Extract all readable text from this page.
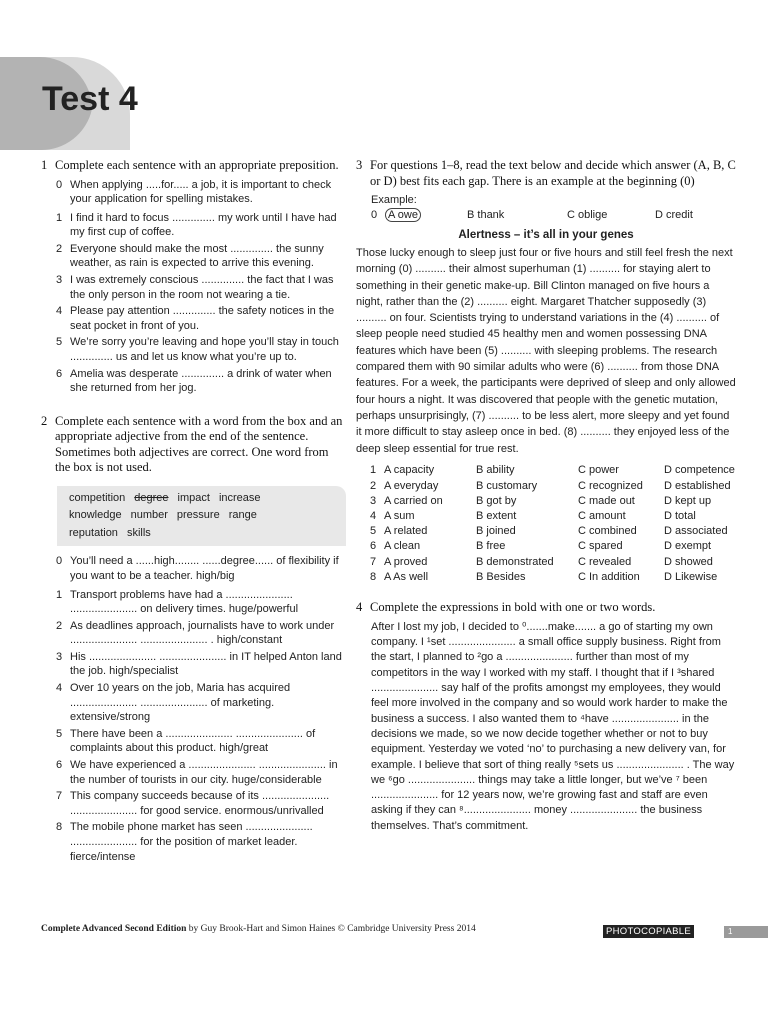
Test 4
1 Complete each sentence with an appropriate preposition.
0 When applying .....for..... a job, it is important to check your application for spelling mistakes.
1 I find it hard to focus .............. my work until I have had my first cup of coffee.
2 Everyone should make the most .............. the sunny weather, as rain is expected to arrive this evening.
3 I was extremely conscious .............. the fact that I was the only person in the room not wearing a tie.
4 Please pay attention .............. the safety notices in the seat pocket in front of you.
5 We’re sorry you’re leaving and hope you’ll stay in touch .............. us and let us know what you’re up to.
6 Amelia was desperate .............. a drink of water when she returned from her jog.
2 Complete each sentence with a word from the box and an appropriate adjective from the end of the sentence. Sometimes both adjectives are correct. One word from the box is not used.
competition degree impact increase
knowledge number pressure range
reputation skills
0 You’ll need a ......high........ ......degree...... of flexibility if you want to be a teacher. high/big
1 Transport problems have had a ...................... ...................... on delivery times. huge/powerful
2 As deadlines approach, journalists have to work under ...................... ...................... . high/constant
3 His ...................... ...................... in IT helped Anton land the job. high/specialist
4 Over 10 years on the job, Maria has acquired ...................... ...................... of marketing. extensive/strong
5 There have been a ...................... ...................... of complaints about this product. high/great
6 We have experienced a ...................... ...................... in the number of tourists in our city. huge/considerable
7 This company succeeds because of its ...................... ...................... for good service. enormous/unrivalled
8 The mobile phone market has seen ...................... ...................... for the position of market leader. fierce/intense
3 For questions 1–8, read the text below and decide which answer (A, B, C or D) best fits each gap. There is an example at the beginning (0)
Example:
0 A owe	B thank	C oblige	D credit
Alertness – it’s all in your genes
Those lucky enough to sleep just four or five hours and still feel fresh the next morning (0) .......... their almost superhuman (1) .......... for staying alert to something in their genetic make-up. Bill Clinton managed on five hours a night, rather than the (2) .......... eight. Margaret Thatcher supposedly (3) .......... on four. Scientists trying to understand variations in the (4) .......... of sleep people need studied 45 healthy men and women possessing DNA features which have been (5) .......... with sleeping problems. The research compared them with 90 similar adults who were (6) .......... from those DNA features. For a week, the participants were deprived of sleep and only allowed four hours a night. It was discovered that people with the genetic mutation, perhaps unsurprisingly, (7) .......... to be less alert, more sleepy and yet found it more difficult to stay asleep once in bed. (8) .......... they enjoyed less of the deep sleep essential for true rest.
1	A capacity	B ability	C power	D competence
2	A everyday	B customary	C recognized	D established
3	A carried on	B got by	C made out	D kept up
4	A sum	B extent	C amount	D total
5	A related	B joined	C combined	D associated
6	A clean	B free	C spared	D exempt
7	A proved	B demonstrated	C revealed	D showed
8	A As well	B Besides	C In addition	D Likewise
4 Complete the expressions in bold with one or two words.
After I lost my job, I decided to ⁰.......make....... a go of starting my own company. I ¹set ...................... a small office supply business. Right from the start, I planned to ²go a ...................... further than most of my competitors in the way I worked with my staff. I thought that if I ³shared ...................... say half of the profits amongst my employees, they would feel more involved in the company and so would work harder to make the business a success. I also wanted them to ⁴have ...................... in the decisions we made, so we now decide together whether or not to buy equipment. Yesterday we voted ‘no’ to purchasing a new delivery van, for example. I believe that sort of thing really ⁵sets us ...................... . The way we ⁶go ...................... things may take a little longer, but we’ve ⁷ been ...................... for 12 years now, we’re growing fast and staff are even asking if they can ⁸...................... money ...................... the business themselves. That’s commitment.
Complete Advanced Second Edition by Guy Brook-Hart and Simon Haines © Cambridge University Press 2014	PHOTOCOPIABLE	1
